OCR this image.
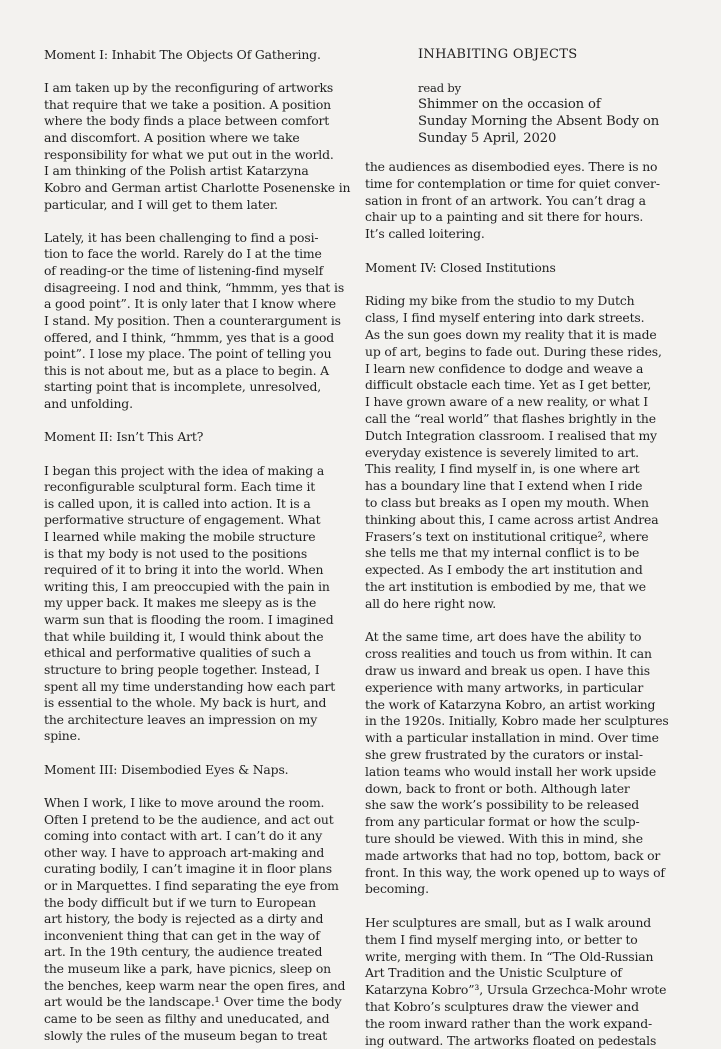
Moment I: Inhabit The Objects Of Gathering.
I am taken up by the reconfiguring of artworks
that require that we take a position. A position
where the body finds a place between comfort
and discomfort. A position where we take
responsibility for what we put out in the world.
I am thinking of the Polish artist Katarzyna
Kobro and German artist Charlotte Posenenske in
particular, and I will get to them later.
Lately, it has been challenging to find a posi-
tion to face the world. Rarely do I at the time
of reading-or the time of listening-find myself
disagreeing. I nod and think, “hmmm, yes that is
a good point”. It is only later that I know where
I stand. My position. Then a counterargument is
offered, and I think, “hmmm, yes that is a good
point”. I lose my place. The point of telling you
this is not about me, but as a place to begin. A
starting point that is incomplete, unresolved,
and unfolding.
Moment II: Isn’t This Art?
I began this project with the idea of making a
reconfigurable sculptural form. Each time it
is called upon, it is called into action. It is a
performative structure of engagement. What
I learned while making the mobile structure
is that my body is not used to the positions
required of it to bring it into the world. When
writing this, I am preoccupied with the pain in
my upper back. It makes me sleepy as is the
warm sun that is flooding the room. I imagined
that while building it, I would think about the
ethical and performative qualities of such a
structure to bring people together. Instead, I
spent all my time understanding how each part
is essential to the whole. My back is hurt, and
the architecture leaves an impression on my
spine.
Moment III: Disembodied Eyes & Naps.
When I work, I like to move around the room.
Often I pretend to be the audience, and act out
coming into contact with art. I can’t do it any
other way. I have to approach art-making and
curating bodily, I can’t imagine it in floor plans
or in Marquettes. I find separating the eye from
the body difficult but if we turn to European
art history, the body is rejected as a dirty and
inconvenient thing that can get in the way of
art. In the 19th century, the audience treated
the museum like a park, have picnics, sleep on
the benches, keep warm near the open fires, and
art would be the landscape.¹ Over time the body
came to be seen as filthy and uneducated, and
slowly the rules of the museum began to treat
INHABITING OBJECTS
read by
Shimmer on the occasion of
Sunday Morning the Absent Body on
Sunday 5 April, 2020
the audiences as disembodied eyes. There is no
time for contemplation or time for quiet conver-
sation in front of an artwork. You can’t drag a
chair up to a painting and sit there for hours.
It’s called loitering.
Moment IV: Closed Institutions
Riding my bike from the studio to my Dutch
class, I find myself entering into dark streets.
As the sun goes down my reality that it is made
up of art, begins to fade out. During these rides,
I learn new confidence to dodge and weave a
difficult obstacle each time. Yet as I get better,
I have grown aware of a new reality, or what I
call the “real world” that flashes brightly in the
Dutch Integration classroom. I realised that my
everyday existence is severely limited to art.
This reality, I find myself in, is one where art
has a boundary line that I extend when I ride
to class but breaks as I open my mouth. When
thinking about this, I came across artist Andrea
Frasers’s text on institutional critique², where
she tells me that my internal conflict is to be
expected. As I embody the art institution and
the art institution is embodied by me, that we
all do here right now.
At the same time, art does have the ability to
cross realities and touch us from within. It can
draw us inward and break us open. I have this
experience with many artworks, in particular
the work of Katarzyna Kobro, an artist working
in the 1920s. Initially, Kobro made her sculptures
with a particular installation in mind. Over time
she grew frustrated by the curators or instal-
lation teams who would install her work upside
down, back to front or both. Although later
she saw the work’s possibility to be released
from any particular format or how the sculp-
ture should be viewed. With this in mind, she
made artworks that had no top, bottom, back or
front. In this way, the work opened up to ways of
becoming.
Her sculptures are small, but as I walk around
them I find myself merging into, or better to
write, merging with them. In “The Old-Russian
Art Tradition and the Unistic Sculpture of
Katarzyna Kobro”³, Ursula Grzechca-Mohr wrote
that Kobro’s sculptures draw the viewer and
the room inward rather than the work expand-
ing outward. The artworks floated on pedestals
